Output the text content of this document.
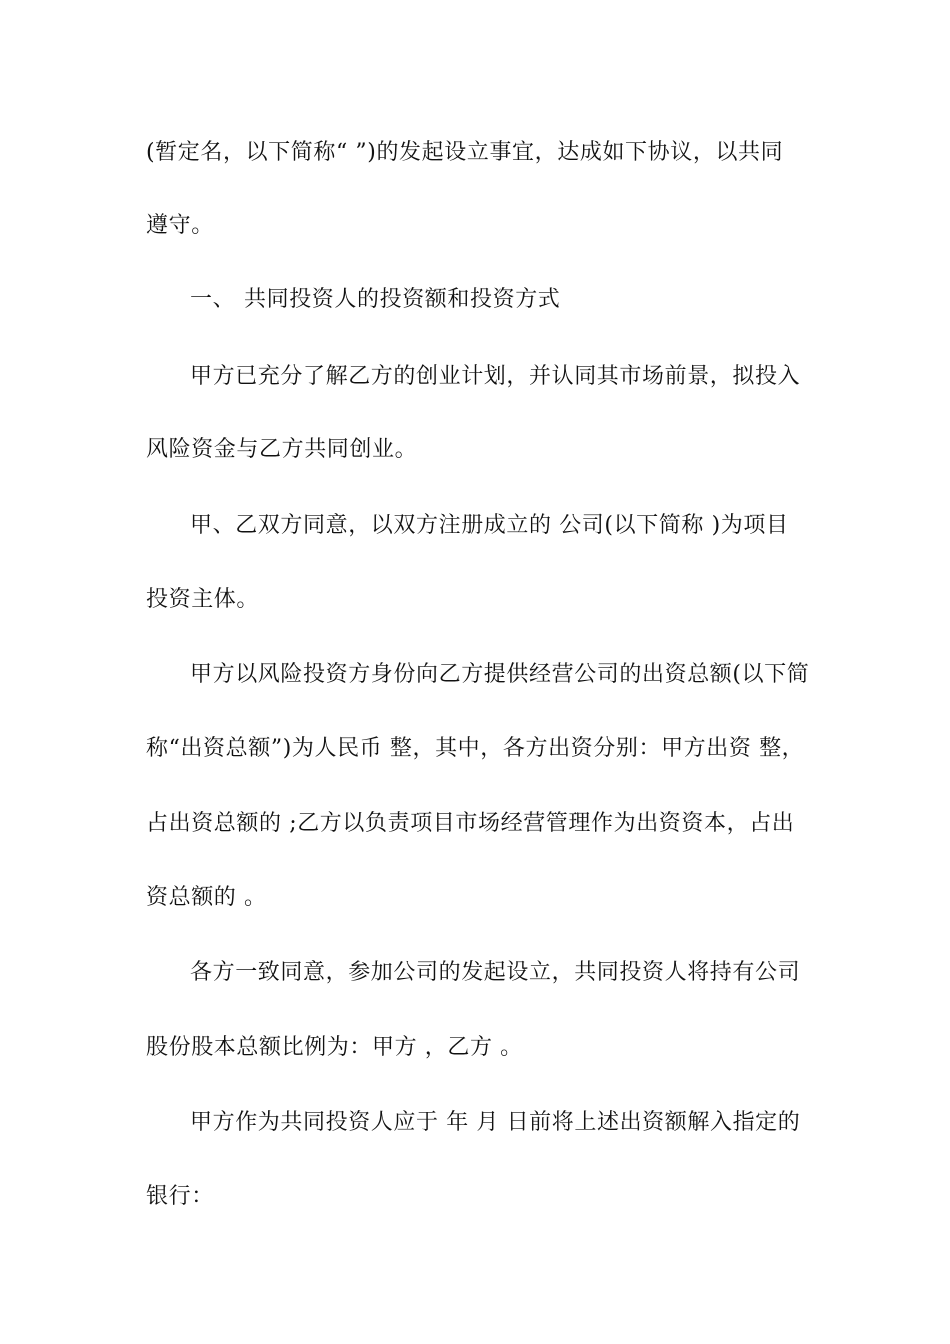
(暂定名，以下简称“ ”)的发起设立事宜，达成如下协议，以共同
遵守。
一、 共同投资人的投资额和投资方式
甲方已充分了解乙方的创业计划，并认同其市场前景，拟投入
风险资金与乙方共同创业。
甲、乙双方同意，以双方注册成立的 公司(以下简称 )为项目
投资主体。
甲方以风险投资方身份向乙方提供经营公司的出资总额(以下简
称“出资总额”)为人民币 整，其中，各方出资分别：甲方出资 整，
占出资总额的 ;乙方以负责项目市场经营管理作为出资资本，占出
资总额的 。
各方一致同意，参加公司的发起设立，共同投资人将持有公司
股份股本总额比例为：甲方 ，乙方 。
甲方作为共同投资人应于 年 月 日前将上述出资额解入指定的
银行：
